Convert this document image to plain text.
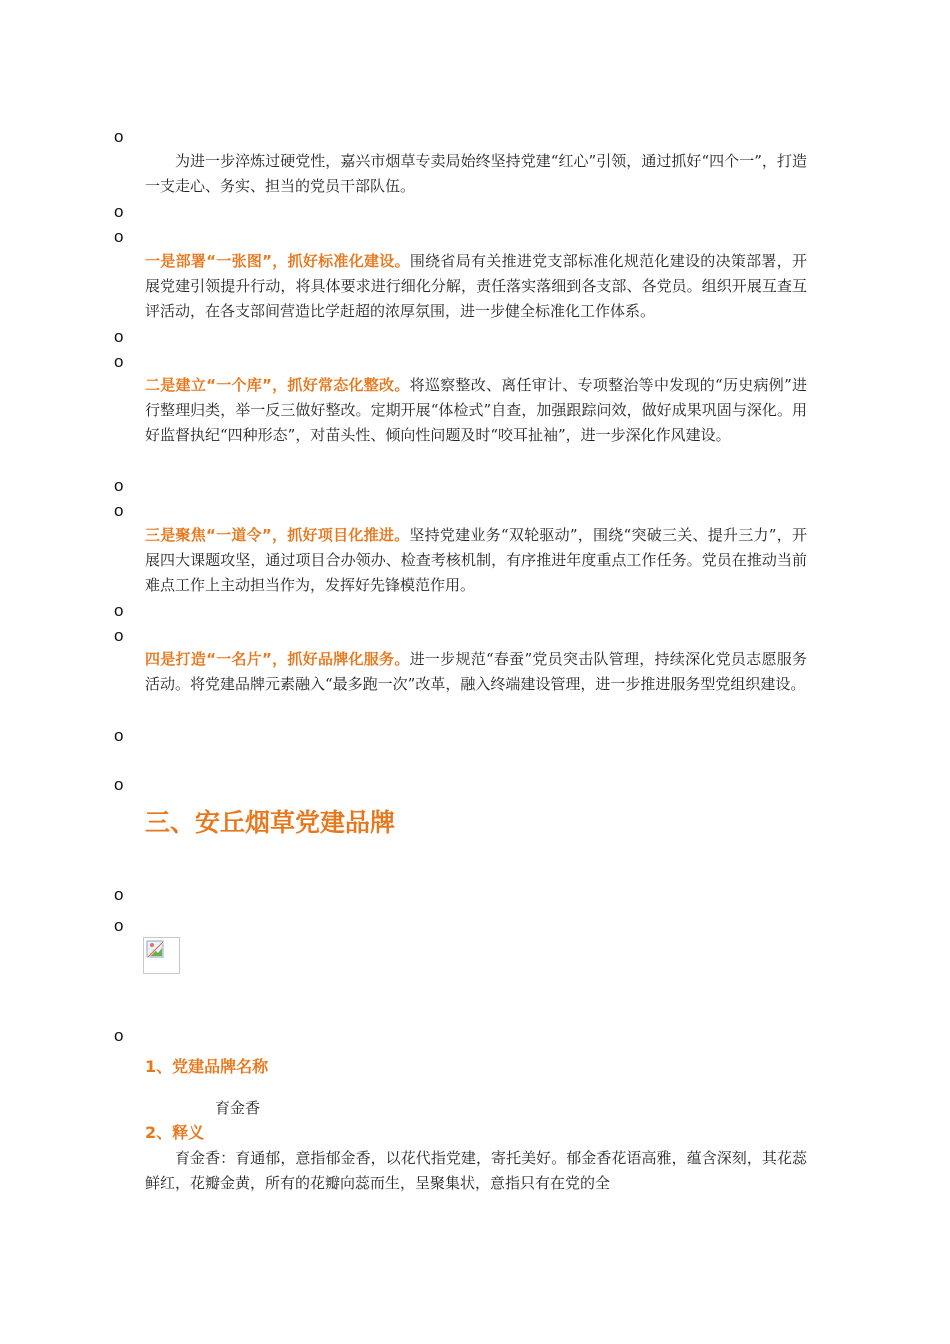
o
o
o
o
o
o
o
o
o
o
o
o
o
o
为进一步淬炼过硬党性，嘉兴市烟草专卖局始终坚持党建“红心”引领，通过抓好“四个一”，打造一支走心、务实、担当的党员干部队伍。
一是部署“一张图”，抓好标准化建设。围绕省局有关推进党支部标准化规范化建设的决策部署，开展党建引领提升行动，将具体要求进行细化分解，责任落实落细到各支部、各党员。组织开展互查互评活动，在各支部间营造比学赶超的浓厚氛围，进一步健全标准化工作体系。
二是建立“一个库”，抓好常态化整改。将巡察整改、离任审计、专项整治等中发现的“历史病例”进行整理归类，举一反三做好整改。定期开展“体检式”自查，加强跟踪问效，做好成果巩固与深化。用好监督执纪“四种形态”，对苗头性、倾向性问题及时“咬耳扯袖”，进一步深化作风建设。
三是聚焦“一道令”，抓好项目化推进。坚持党建业务“双轮驱动”，围绕“突破三关、提升三力”，开展四大课题攻坚，通过项目合办领办、检查考核机制，有序推进年度重点工作任务。党员在推动当前难点工作上主动担当作为，发挥好先锋模范作用。
四是打造“一名片”，抓好品牌化服务。进一步规范“春蚕”党员突击队管理，持续深化党员志愿服务活动。将党建品牌元素融入“最多跑一次”改革，融入终端建设管理，进一步推进服务型党组织建设。
三、安丘烟草党建品牌
1、党建品牌名称
育金香
2、释义
育金香：育通郁，意指郁金香，以花代指党建，寄托美好。郁金香花语高雅，蕴含深刻，其花蕊鲜红，花瓣金黄，所有的花瓣向蕊而生，呈聚集状，意指只有在党的全
